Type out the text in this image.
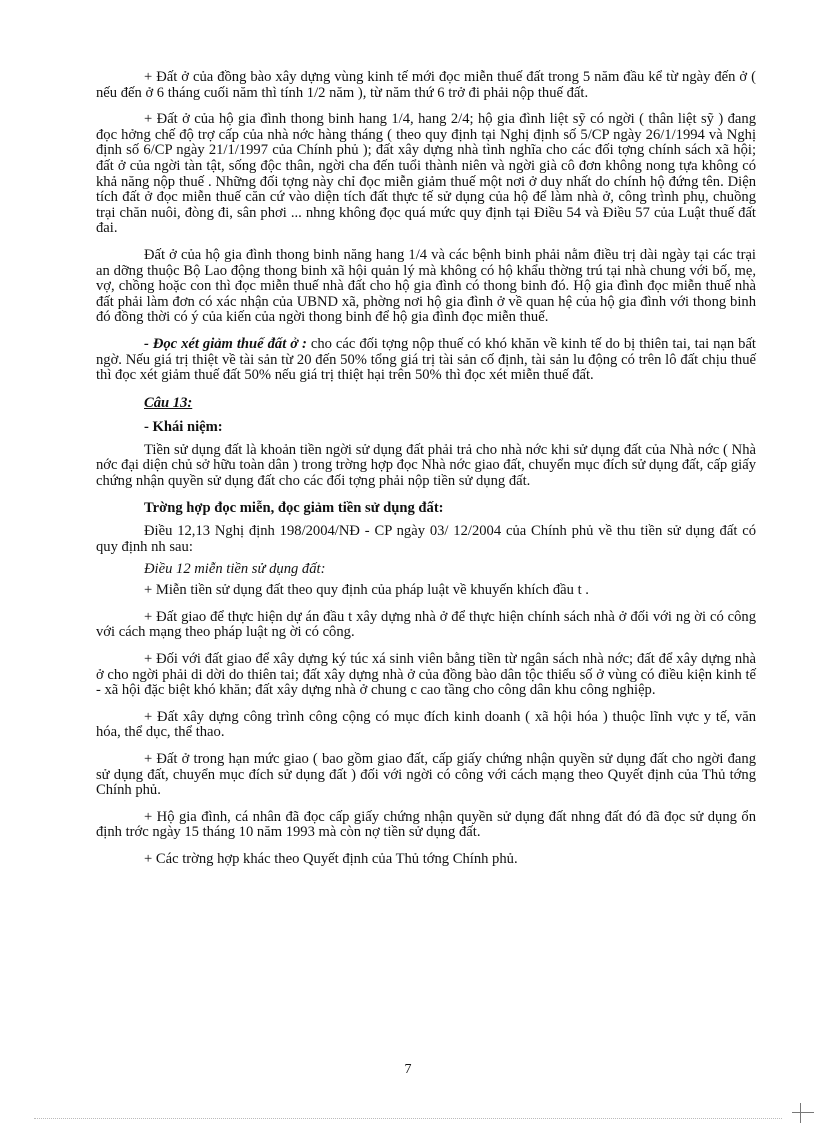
+ Đất ở của đồng bào xây dựng vùng kinh tế mới đọc miễn thuế đất trong 5 năm đầu kể từ ngày đến ở ( nếu đến ở 6 tháng cuối năm thì tính 1/2 năm ), từ năm thứ 6 trở đi phải nộp thuế đất.

+ Đất ở của hộ gia đình thong binh hang 1/4, hang 2/4; hộ gia đình liệt sỹ có ngời ( thân liệt sỹ ) đang đọc hởng chế độ trợ cấp của nhà nớc hàng tháng ( theo quy định tại Nghị định số 5/CP ngày 26/1/1994 và Nghị định số 6/CP ngày 21/1/1997 của Chính phủ ); đất xây dựng nhà tình nghĩa cho các đối tợng chính sách xã hội; đất ở của ngời tàn tật, sống độc thân, ngời cha đến tuổi thành niên và ngời già cô đơn không nong tựa không có khả năng nộp thuế . Những đối tợng này chỉ đọc miễn giảm thuế một nơi ở duy nhất do chính hộ đứng tên. Diện tích đất ở đọc miễn thuế căn cứ vào diện tích đất thực tế sử dụng của hộ để làm nhà ở, công trình phụ, chuồng trại chăn nuôi, đòng đi, sân phơi ... nhng không đọc quá mức quy định tại Điều 54 và Điều 57 của Luật thuế đất đai.

Đất ở của hộ gia đình thong binh năng hang 1/4 và các bệnh binh phải nằm điều trị dài ngày tại các trại an dỡng thuộc Bộ Lao động thong binh xã hội quản lý mà không có hộ khẩu thờng trú tại nhà chung với bố, mẹ, vợ, chồng hoặc con thì đọc miễn thuế nhà đất cho hộ gia đình có thong binh đó. Hộ gia đình đọc miễn thuế nhà đất phải làm đơn có xác nhận của UBND xã, phờng nơi hộ gia đình ở về quan hệ của hộ gia đình với thong binh đó đồng thời có ý của kiến của ngời thong binh để hộ gia đình đọc miễn thuế.

- Đọc xét giảm thuế đất ở : cho các đối tợng nộp thuế có khó khăn về kinh tế do bị thiên tai, tai nạn bất ngờ. Nếu giá trị thiệt về tài sản từ 20 đến 50% tổng giá trị tài sản cố định, tài sản lu động có trên lô đất chịu thuế thì đọc xét giảm thuế đất 50% nếu giá trị thiệt hại trên 50% thì đọc xét miễn thuế đất.

Câu 13:
- Khái niệm:

Tiền sử dụng đất là khoản tiền ngời sử dụng đất phải trả cho nhà nớc khi sử dụng đất của Nhà nớc ( Nhà nớc đại diện chủ sở hữu toàn dân ) trong trờng hợp đọc Nhà nớc giao đất, chuyển mục đích sử dụng đất, cấp giấy chứng nhận quyền sử dụng đất cho các đối tợng phải nộp tiền sử dụng đất.

Trờng hợp đọc miễn, đọc giảm tiền sử dụng đất:

Điều 12,13 Nghị định 198/2004/NĐ - CP ngày 03/ 12/2004 của Chính phủ về thu tiền sử dụng đất có quy định nh sau:

Điều 12 miễn tiền sử dụng đất:

+ Miễn tiền sử dụng đất theo quy định của pháp luật về khuyến khích đầu t .

+ Đất giao để thực hiện dự án đầu t xây dựng nhà ở để thực hiện chính sách nhà ở đối với ng ời có công với cách mạng theo pháp luật ng ời có công.

+ Đối với đất giao để xây dựng ký túc xá sinh viên bằng tiền từ ngân sách nhà nớc; đất để xây dựng nhà ở cho ngời phải di dời do thiên tai; đất xây dựng nhà ở của đồng bào dân tộc thiểu số ở vùng có điều kiện kinh tế - xã hội đặc biệt khó khăn; đất xây dựng nhà ở chung c cao tầng cho công dân khu công nghiệp.

+ Đất xây dựng công trình công cộng có mục đích kinh doanh ( xã hội hóa ) thuộc lĩnh vực y tế, văn hóa, thể dục, thể thao.

+ Đất ở trong hạn mức giao ( bao gồm giao đất, cấp giấy chứng nhận quyền sử dụng đất cho ngời đang sử dụng đất, chuyển mục đích sử dụng đất ) đối với ngời có công với cách mạng theo Quyết định của Thủ tớng Chính phủ.

+ Hộ gia đình, cá nhân đã đọc cấp giấy chứng nhận quyền sử dụng đất nhng đất đó đã đọc sử dụng ổn định trớc ngày 15 tháng 10 năm 1993 mà còn nợ tiền sử dụng đất.

+ Các trờng hợp khác theo Quyết định của Thủ tớng Chính phủ.

7
